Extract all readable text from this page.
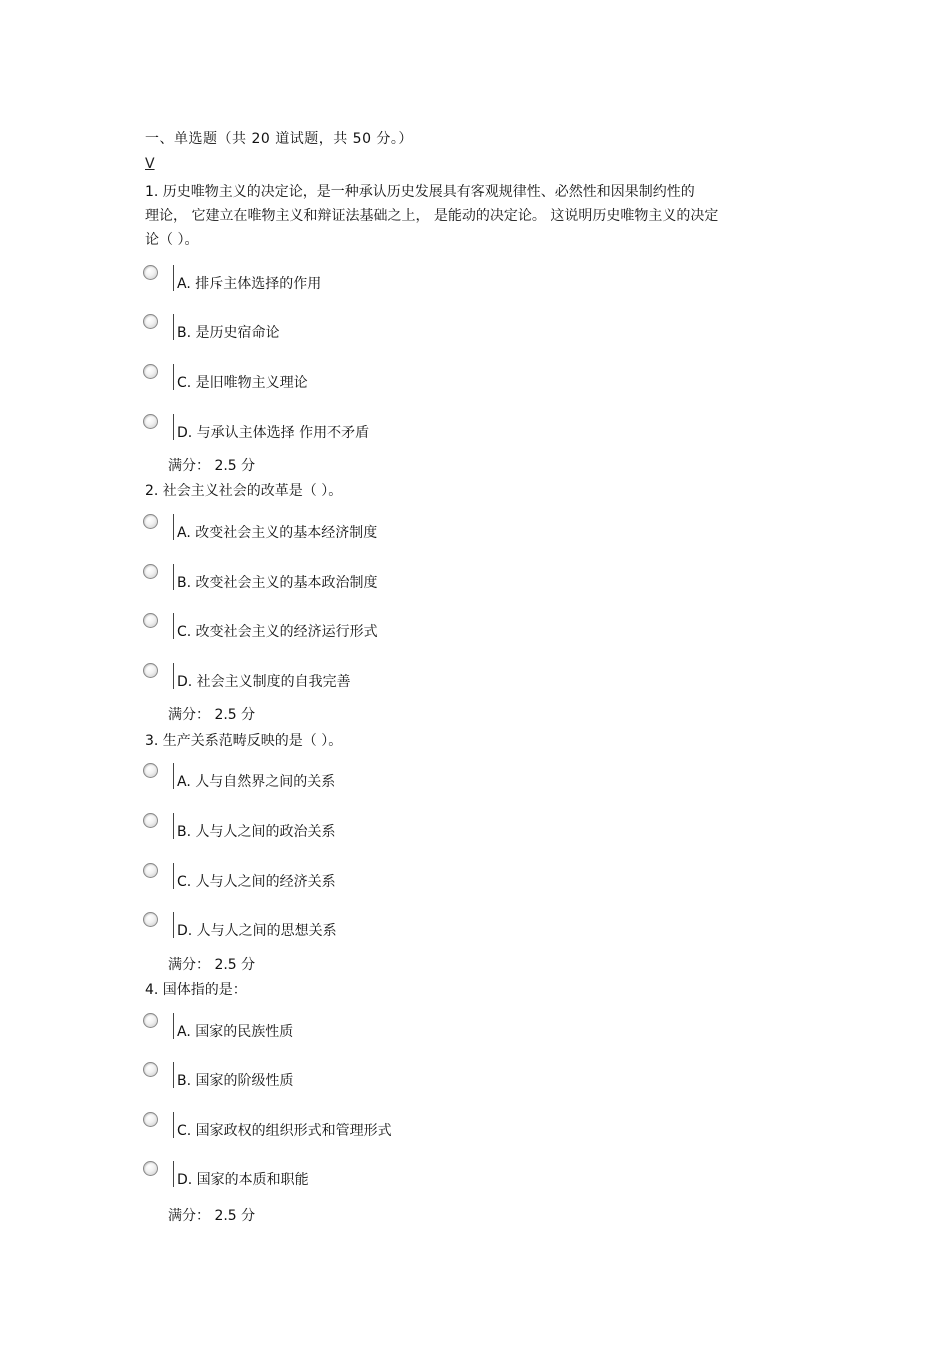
一、单选题（共 20 道试题，共 50 分。）
V
1. 历史唯物主义的决定论，是一种承认历史发展具有客观规律性、必然性和因果制约性的
理论， 它建立在唯物主义和辩证法基础之上， 是能动的决定论。 这说明历史唯物主义的决定
论（ ）。
A. 排斥主体选择的作用
B. 是历史宿命论
C. 是旧唯物主义理论
D. 与承认主体选择 作用不矛盾
满分： 2.5 分
2. 社会主义社会的改革是（ ）。
A. 改变社会主义的基本经济制度
B. 改变社会主义的基本政治制度
C. 改变社会主义的经济运行形式
D. 社会主义制度的自我完善
满分： 2.5 分
3. 生产关系范畴反映的是（ ）。
A. 人与自然界之间的关系
B. 人与人之间的政治关系
C. 人与人之间的经济关系
D. 人与人之间的思想关系
满分： 2.5 分
4. 国体指的是：
A. 国家的民族性质
B. 国家的阶级性质
C. 国家政权的组织形式和管理形式
D. 国家的本质和职能
满分： 2.5 分
